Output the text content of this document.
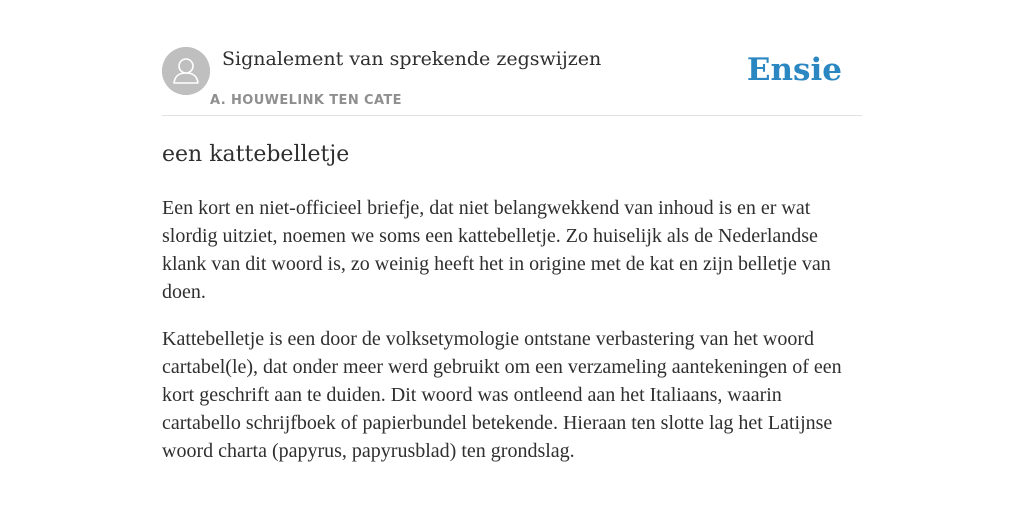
Signalement van sprekende zegswijzen
A. HOUWELINK TEN CATE
Ensie
een kattebelletje

Een kort en niet-officieel briefje, dat niet belangwekkend van inhoud is en er wat slordig uitziet, noemen we soms een kattebelletje. Zo huiselijk als de Nederlandse klank van dit woord is, zo weinig heeft het in origine met de kat en zijn belletje van doen.

Kattebelletje is een door de volksetymologie ontstane verbastering van het woord cartabel(le), dat onder meer werd gebruikt om een verzameling aantekeningen of een kort geschrift aan te duiden. Dit woord was ontleend aan het Italiaans, waarin cartabello schrijfboek of papierbundel betekende. Hieraan ten slotte lag het Latijnse woord charta (papyrus, papyrusblad) ten grondslag.
